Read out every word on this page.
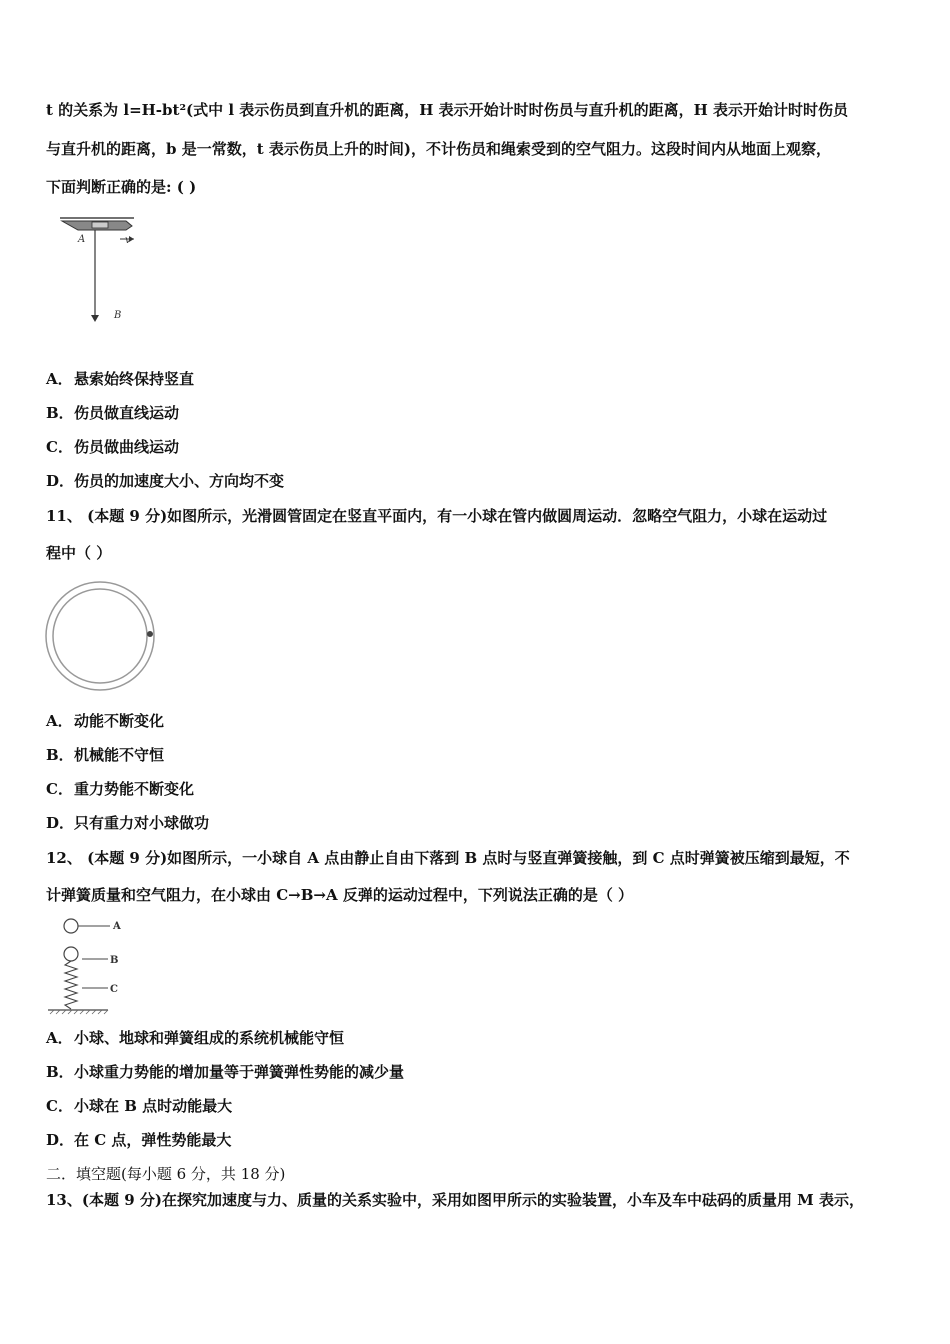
t 的关系为 l=H-bt²(式中 l 表示伤员到直升机的距离，H 表示开始计时时伤员与直升机的距离，H 表示开始计时时伤员
与直升机的距离，b 是一常数，t 表示伤员上升的时间)，不计伤员和绳索受到的空气阻力。这段时间内从地面上观察，
下面判断正确的是: ( )
A	v
B
A．悬索始终保持竖直
B．伤员做直线运动
C．伤员做曲线运动
D．伤员的加速度大小、方向均不变
11、 (本题 9 分)如图所示，光滑圆管固定在竖直平面内，有一小球在管内做圆周运动．忽略空气阻力，小球在运动过
程中（ ）
A．动能不断变化
B．机械能不守恒
C．重力势能不断变化
D．只有重力对小球做功
12、 (本题 9 分)如图所示，一小球自 A 点由静止自由下落到 B 点时与竖直弹簧接触，到 C 点时弹簧被压缩到最短，不
计弹簧质量和空气阻力，在小球由 C→B→A 反弹的运动过程中，下列说法正确的是（ ）
A
B
C
A．小球、地球和弹簧组成的系统机械能守恒
B．小球重力势能的增加量等于弹簧弹性势能的减少量
C．小球在 B 点时动能最大
D．在 C 点，弹性势能最大
二．填空题(每小题 6 分，共 18 分)
13、(本题 9 分)在探究加速度与力、质量的关系实验中，采用如图甲所示的实验装置，小车及车中砝码的质量用 M 表示，
